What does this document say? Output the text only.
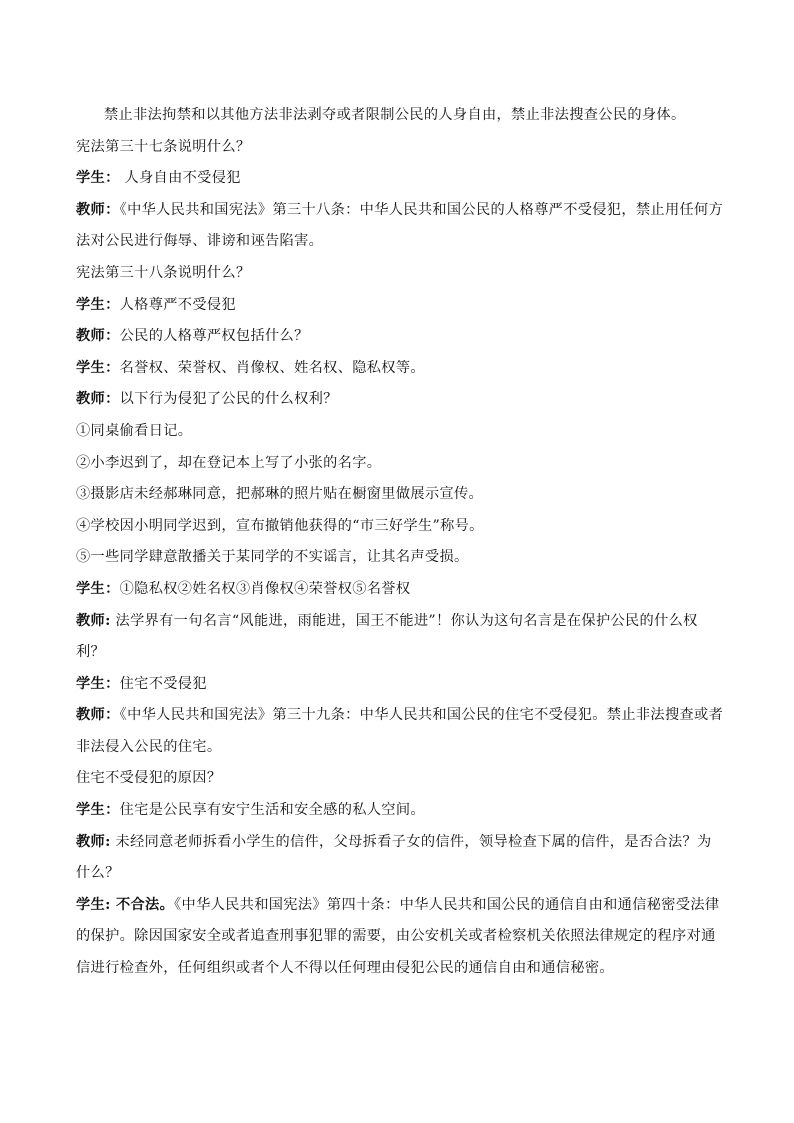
禁止非法拘禁和以其他方法非法剥夺或者限制公民的人身自由，禁止非法搜查公民的身体。

宪法第三十七条说明什么？

学生： 人身自由不受侵犯

教师：《中华人民共和国宪法》第三十八条：中华人民共和国公民的人格尊严不受侵犯，禁止用任何方法对公民进行侮辱、诽谤和诬告陷害。

宪法第三十八条说明什么？

学生：人格尊严不受侵犯

教师：公民的人格尊严权包括什么？

学生：名誉权、荣誉权、肖像权、姓名权、隐私权等。

教师：以下行为侵犯了公民的什么权利？

①同桌偷看日记。

②小李迟到了，却在登记本上写了小张的名字。

③摄影店未经郝琳同意，把郝琳的照片贴在橱窗里做展示宣传。

④学校因小明同学迟到，宣布撤销他获得的“市三好学生”称号。

⑤一些同学肆意散播关于某同学的不实谣言，让其名声受损。

学生：①隐私权②姓名权③肖像权④荣誉权⑤名誉权

教师: 法学界有一句名言“风能进，雨能进，国王不能进”！你认为这句名言是在保护公民的什么权利？

学生：住宅不受侵犯

教师：《中华人民共和国宪法》第三十九条：中华人民共和国公民的住宅不受侵犯。禁止非法搜查或者非法侵入公民的住宅。

住宅不受侵犯的原因？

学生：住宅是公民享有安宁生活和安全感的私人空间。

教师: 未经同意老师拆看小学生的信件，父母拆看子女的信件，领导检查下属的信件，是否合法？为什么？

学生: 不合法。《中华人民共和国宪法》第四十条：中华人民共和国公民的通信自由和通信秘密受法律的保护。除因国家安全或者追查刑事犯罪的需要，由公安机关或者检察机关依照法律规定的程序对通信进行检查外，任何组织或者个人不得以任何理由侵犯公民的通信自由和通信秘密。
